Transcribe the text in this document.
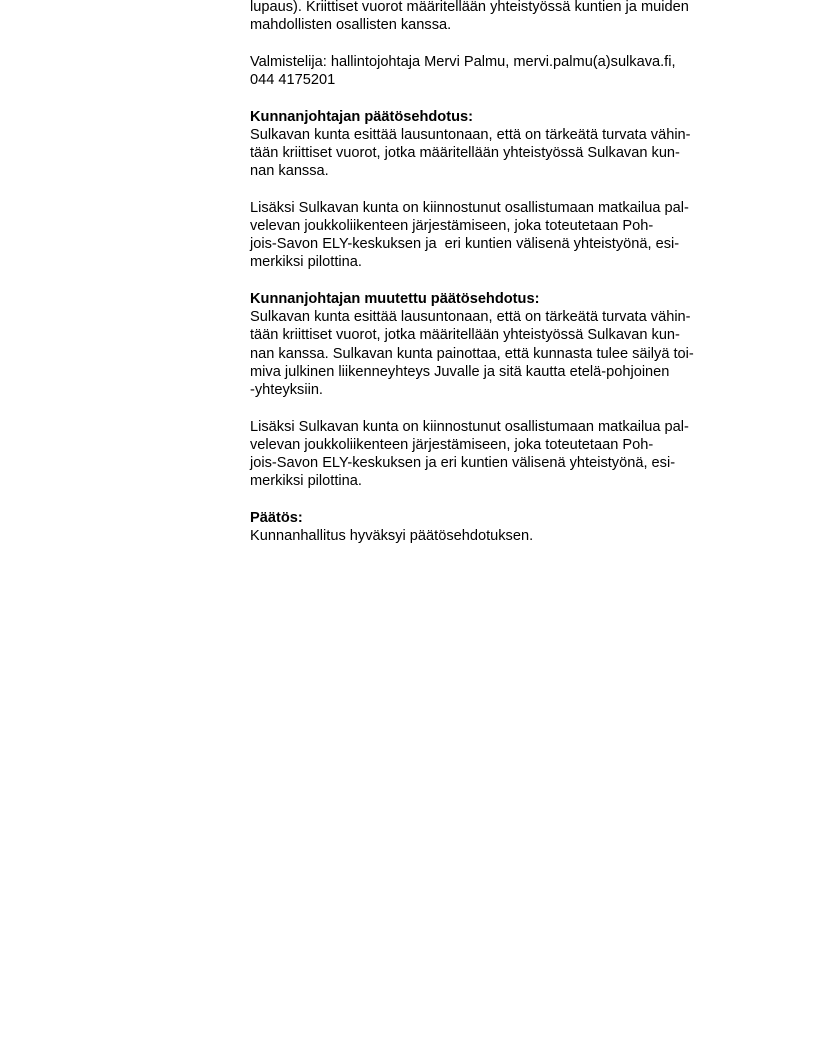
lupaus). Kriittiset vuorot määritellään yhteistyössä kuntien ja muiden
mahdollisten osallisten kanssa.
Valmistelija: hallintojohtaja Mervi Palmu, mervi.palmu(a)sulkava.fi,
044 4175201
Kunnanjohtajan päätösehdotus:
Sulkavan kunta esittää lausuntonaan, että on tärkeätä turvata vähin-
tään kriittiset vuorot, jotka määritellään yhteistyössä Sulkavan kun-
nan kanssa.
Lisäksi Sulkavan kunta on kiinnostunut osallistumaan matkailua pal-
velevan joukkoliikenteen järjestämiseen, joka toteutetaan Poh-
jois-Savon ELY-keskuksen ja  eri kuntien välisenä yhteistyönä, esi-
merkiksi pilottina.
Kunnanjohtajan muutettu päätösehdotus:
Sulkavan kunta esittää lausuntonaan, että on tärkeätä turvata vähin-
tään kriittiset vuorot, jotka määritellään yhteistyössä Sulkavan kun-
nan kanssa. Sulkavan kunta painottaa, että kunnasta tulee säilyä toi-
miva julkinen liikenneyhteys Juvalle ja sitä kautta etelä-pohjoinen
-yhteyksiin.
Lisäksi Sulkavan kunta on kiinnostunut osallistumaan matkailua pal-
velevan joukkoliikenteen järjestämiseen, joka toteutetaan Poh-
jois-Savon ELY-keskuksen ja eri kuntien välisenä yhteistyönä, esi-
merkiksi pilottina.
Päätös:
Kunnanhallitus hyväksyi päätösehdotuksen.
